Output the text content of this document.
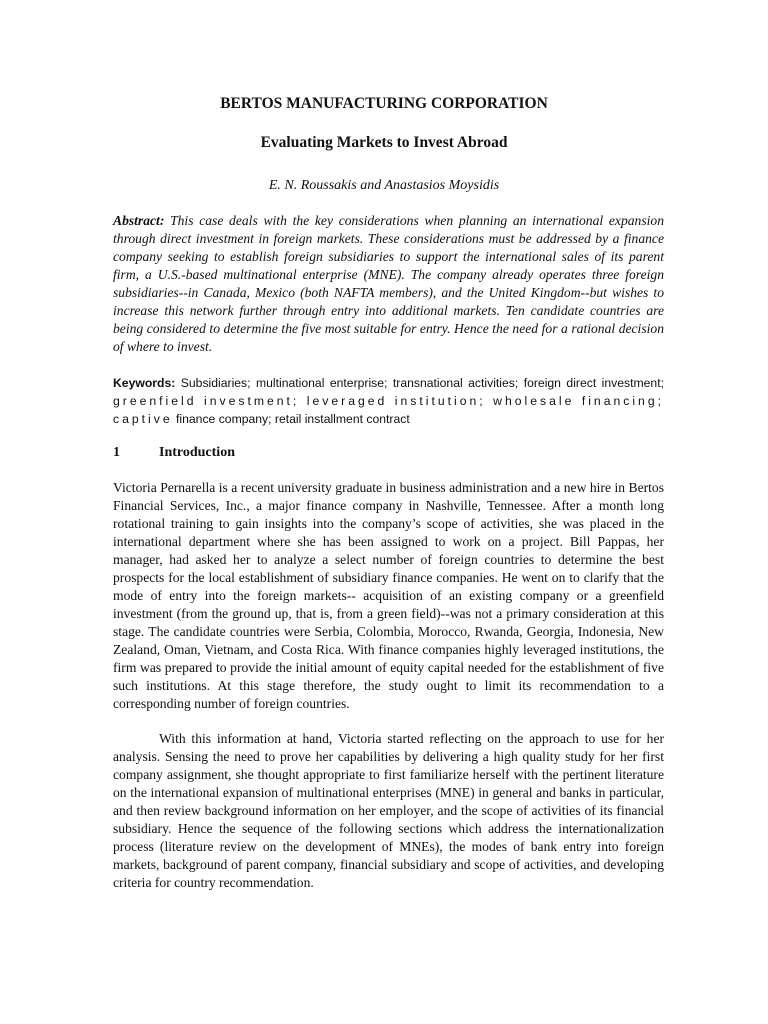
BERTOS MANUFACTURING CORPORATION
Evaluating Markets to Invest Abroad

E. N. Roussakis and Anastasios Moysidis

Abstract: This case deals with the key considerations when planning an international expansion through direct investment in foreign markets. These considerations must be addressed by a finance company seeking to establish foreign subsidiaries to support the international sales of its parent firm, a U.S.-based multinational enterprise (MNE). The company already operates three foreign subsidiaries--in Canada, Mexico (both NAFTA members), and the United Kingdom--but wishes to increase this network further through entry into additional markets. Ten candidate countries are being considered to determine the five most suitable for entry. Hence the need for a rational decision of where to invest.

Keywords: Subsidiaries; multinational enterprise; transnational activities; foreign direct investment; greenfield investment; leveraged institution; wholesale financing; captive finance company; retail installment contract

1	Introduction

Victoria Pernarella is a recent university graduate in business administration and a new hire in Bertos Financial Services, Inc., a major finance company in Nashville, Tennessee. After a month long rotational training to gain insights into the company’s scope of activities, she was placed in the international department where she has been assigned to work on a project. Bill Pappas, her manager, had asked her to analyze a select number of foreign countries to determine the best prospects for the local establishment of subsidiary finance companies. He went on to clarify that the mode of entry into the foreign markets-- acquisition of an existing company or a greenfield investment (from the ground up, that is, from a green field)--was not a primary consideration at this stage. The candidate countries were Serbia, Colombia, Morocco, Rwanda, Georgia, Indonesia, New Zealand, Oman, Vietnam, and Costa Rica. With finance companies highly leveraged institutions, the firm was prepared to provide the initial amount of equity capital needed for the establishment of five such institutions. At this stage therefore, the study ought to limit its recommendation to a corresponding number of foreign countries.

With this information at hand, Victoria started reflecting on the approach to use for her analysis. Sensing the need to prove her capabilities by delivering a high quality study for her first company assignment, she thought appropriate to first familiarize herself with the pertinent literature on the international expansion of multinational enterprises (MNE) in general and banks in particular, and then review background information on her employer, and the scope of activities of its financial subsidiary. Hence the sequence of the following sections which address the internationalization process (literature review on the development of MNEs), the modes of bank entry into foreign markets, background of parent company, financial subsidiary and scope of activities, and developing criteria for country recommendation.
